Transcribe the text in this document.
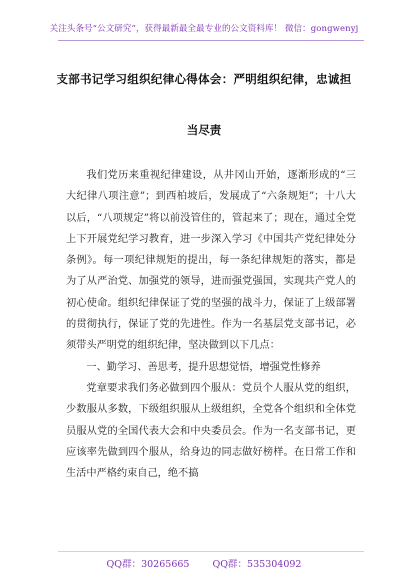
关注头条号“公文研究”，获得最新最全最专业的公文资料库！ 微信：gongwenyj
支部书记学习组织纪律心得体会：严明组织纪律，忠诚担
当尽责

我们党历来重视纪律建设，从井冈山开始，逐渐形成的“三大纪律八项注意”；到西柏坡后，发展成了“六条规矩”；十八大以后，“八项规定”将以前没管住的，管起来了；现在，通过全党上下开展党纪学习教育，进一步深入学习《中国共产党纪律处分条例》。每一项纪律规矩的提出，每一条纪律规矩的落实，都是为了从严治党、加强党的领导，进而强党强国，实现共产党人的初心使命。组织纪律保证了党的坚强的战斗力，保证了上级部署的贯彻执行，保证了党的先进性。作为一名基层党支部书记，必须带头严明党的组织纪律，坚决做到以下几点：

一、勤学习、善思考，提升思想觉悟，增强党性修养

党章要求我们务必做到四个服从：党员个人服从党的组织，少数服从多数，下级组织服从上级组织，全党各个组织和全体党员服从党的全国代表大会和中央委员会。作为一名支部书记，更应该率先做到四个服从，给身边的同志做好榜样。在日常工作和生活中严格约束自己，绝不搞

QQ群：30265665 QQ群：535304092
